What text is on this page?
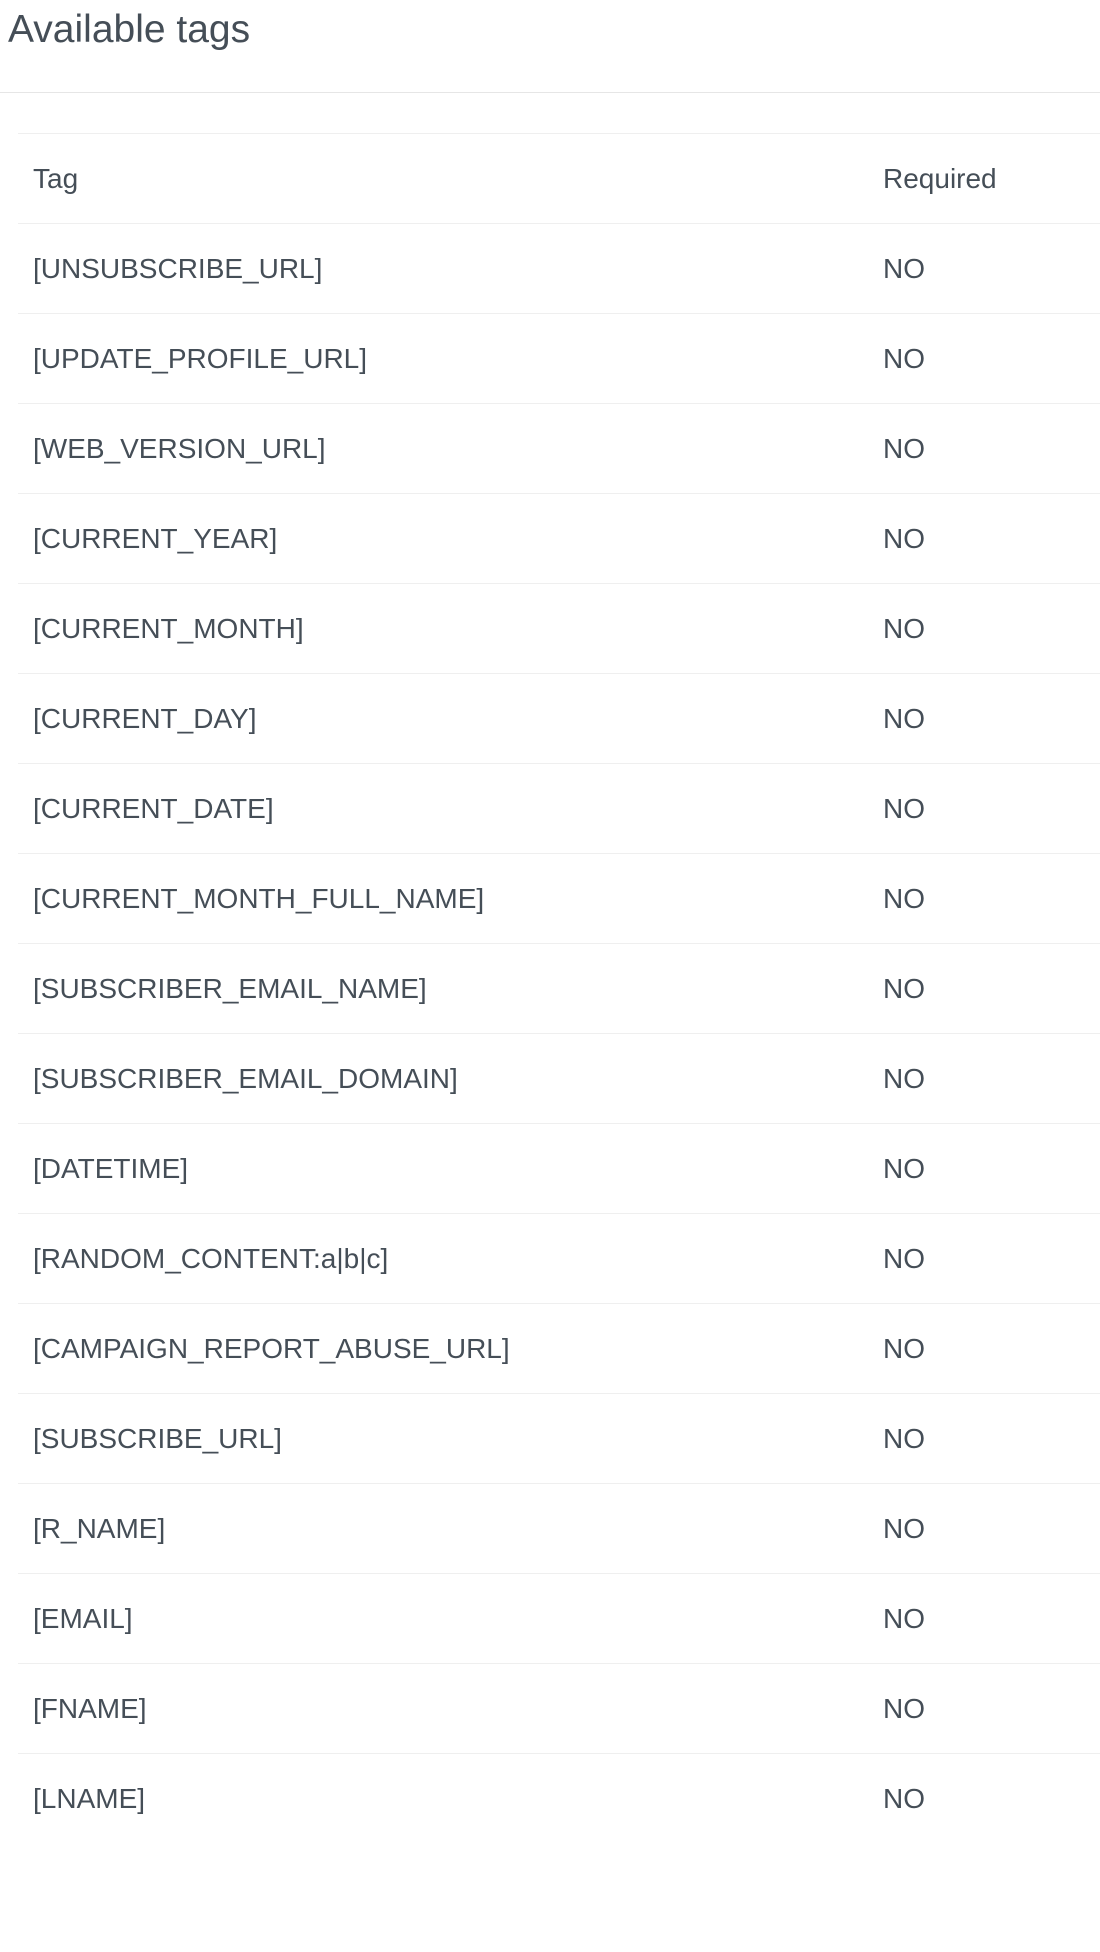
Available tags
Tag	Required
[UNSUBSCRIBE_URL]	NO
[UPDATE_PROFILE_URL]	NO
[WEB_VERSION_URL]	NO
[CURRENT_YEAR]	NO
[CURRENT_MONTH]	NO
[CURRENT_DAY]	NO
[CURRENT_DATE]	NO
[CURRENT_MONTH_FULL_NAME]	NO
[SUBSCRIBER_EMAIL_NAME]	NO
[SUBSCRIBER_EMAIL_DOMAIN]	NO
[DATETIME]	NO
[RANDOM_CONTENT:a|b|c]	NO
[CAMPAIGN_REPORT_ABUSE_URL]	NO
[SUBSCRIBE_URL]	NO
[R_NAME]	NO
[EMAIL]	NO
[FNAME]	NO
[LNAME]	NO
